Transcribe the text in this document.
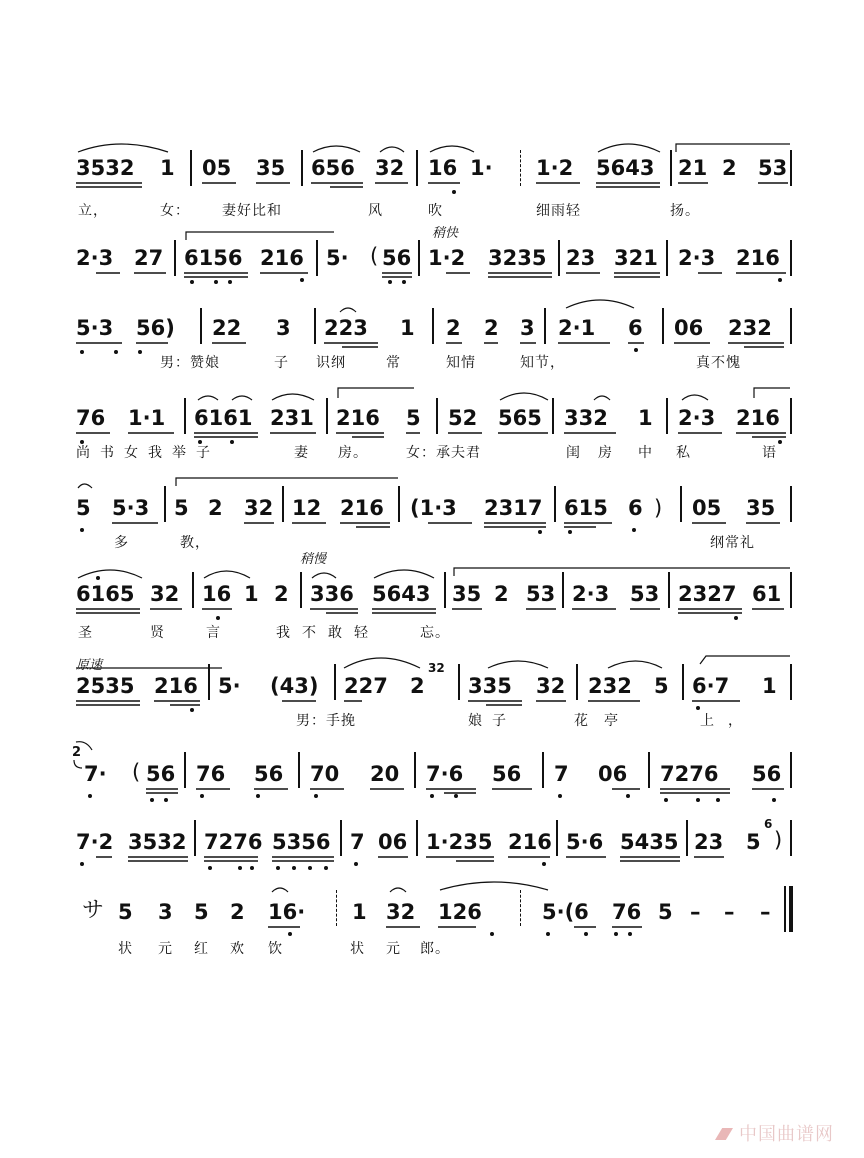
3532 1 05 35 656 32 16 1· 1·2 5643 21 2 53
立，	女： 妻好比和	风	吹	细雨轻	扬。
稍快
2·3 27 6156 216 5· ( 56 1·2 3235 23 321 2·3 216
5·3 56) 22 3 223 1 2 2 3 2·1 6 06 232
男：赞娘	子 识纲	常	知情	知节，	真不愧
76 1·1 6161 231 216 5 52 565 332 1 2·3 216
尚书女我举子	妻 房。	女：承夫君	闺房 中私	语
5 5·3 5 2 32 12 216 (1·3 2317 615 6 ) 05 35
多	教，	纲常礼
稍慢
6165 32 16 1 2 336 5643 35 2 53 2·3 53 2327 61
圣	贤	言	我不敢轻	忘。
原速
2535 216 5· (43) 227 2
32
335 32 232 5 6·7 1
男：手挽	娘子	花亭	上，
2
7· ( 56 76 56 70 20 7·6 56 7 06 7276 56
7·2 3532 7276 5356 7 06 1·235 216 5·6 5435 23 5
6
)
サ 5 3 5 2 16· 1 32 126	5·(6 76 5 – – –
状 元 红 欢 饮	状 元 郎。
中国曲谱网
